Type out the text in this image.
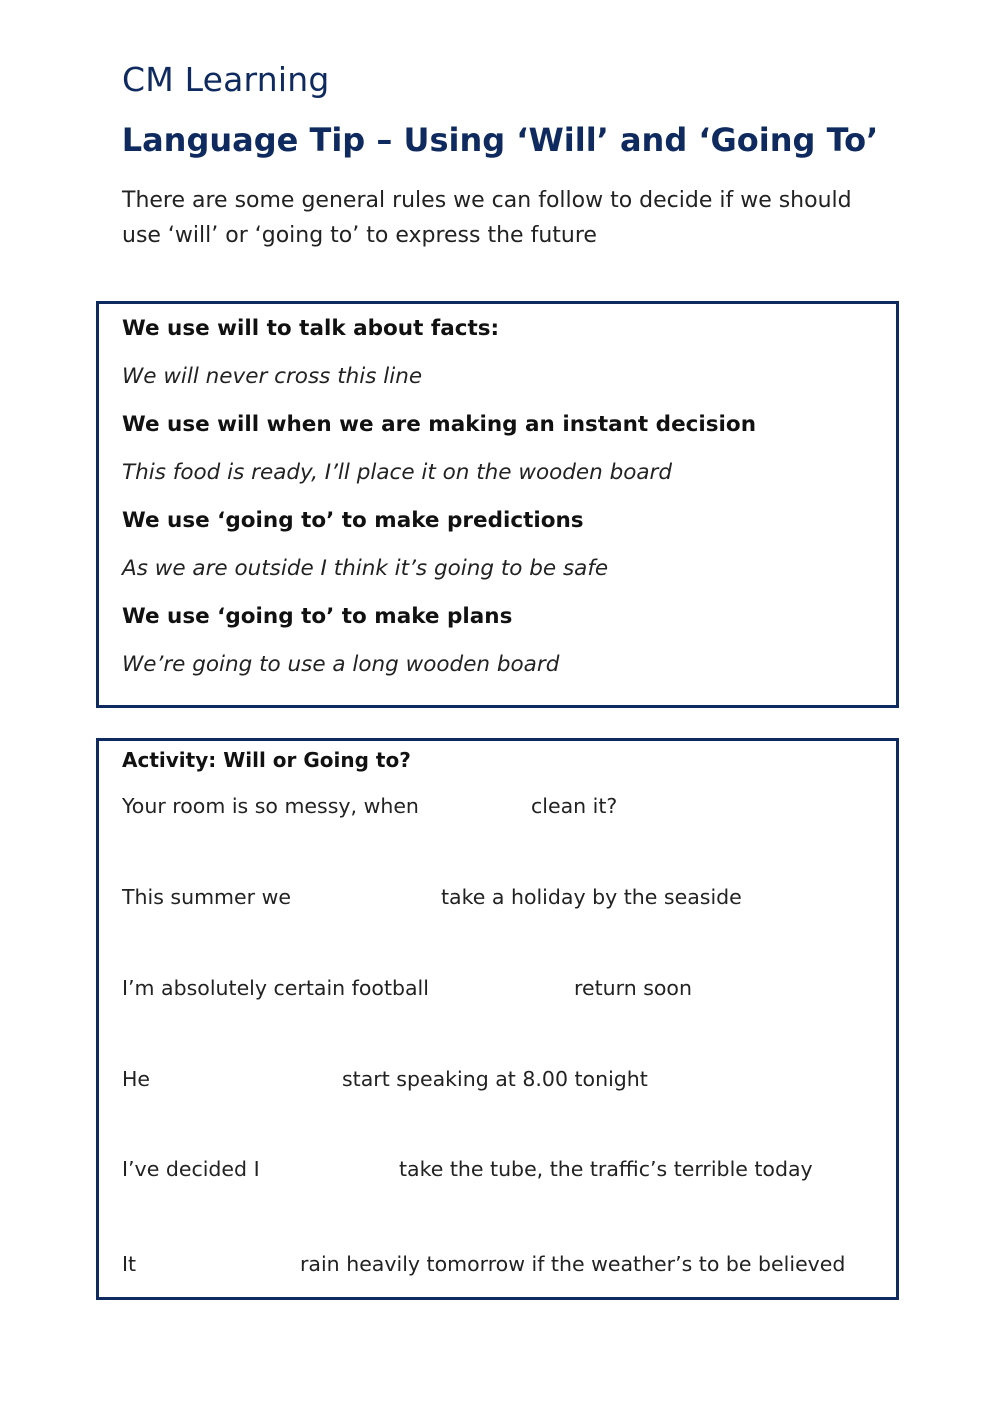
CM Learning
Language Tip – Using ‘Will’ and ‘Going To’
There are some general rules we can follow to decide if we should use ‘will’ or ‘going to’ to express the future
We use will to talk about facts:
We will never cross this line
We use will when we are making an instant decision
This food is ready, I’ll place it on the wooden board
We use ‘going to’ to make predictions
As we are outside I think it’s going to be safe
We use ‘going to’ to make plans
We’re going to use a long wooden board
Activity: Will or Going to?
Your room is so messy, when	clean it?
This summer we	take a holiday by the seaside
I’m absolutely certain football	return soon
He	start speaking at 8.00 tonight
I’ve decided I	take the tube, the traffic’s terrible today
It	rain heavily tomorrow if the weather’s to be believed
